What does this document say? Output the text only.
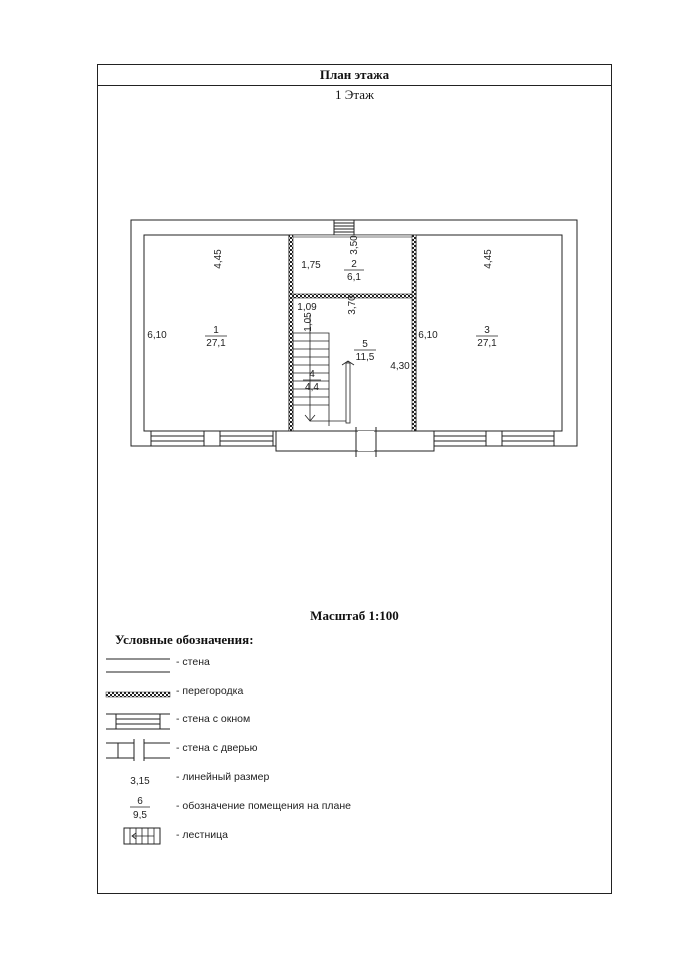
План этажа
1 Этаж
1
27,1
2
6,1
3
27,1
4
4,4
5
11,5
4,45
6,10
3,50
1,75	4,45
6,10
3,70
4,30
1,09
1,05
Масштаб 1:100
Условные обозначения:
- стена
- перегородка
- стена с окном
- стена с дверью
3,15	- линейный размер
6
9,5
- обозначение помещения на плане
- лестница
